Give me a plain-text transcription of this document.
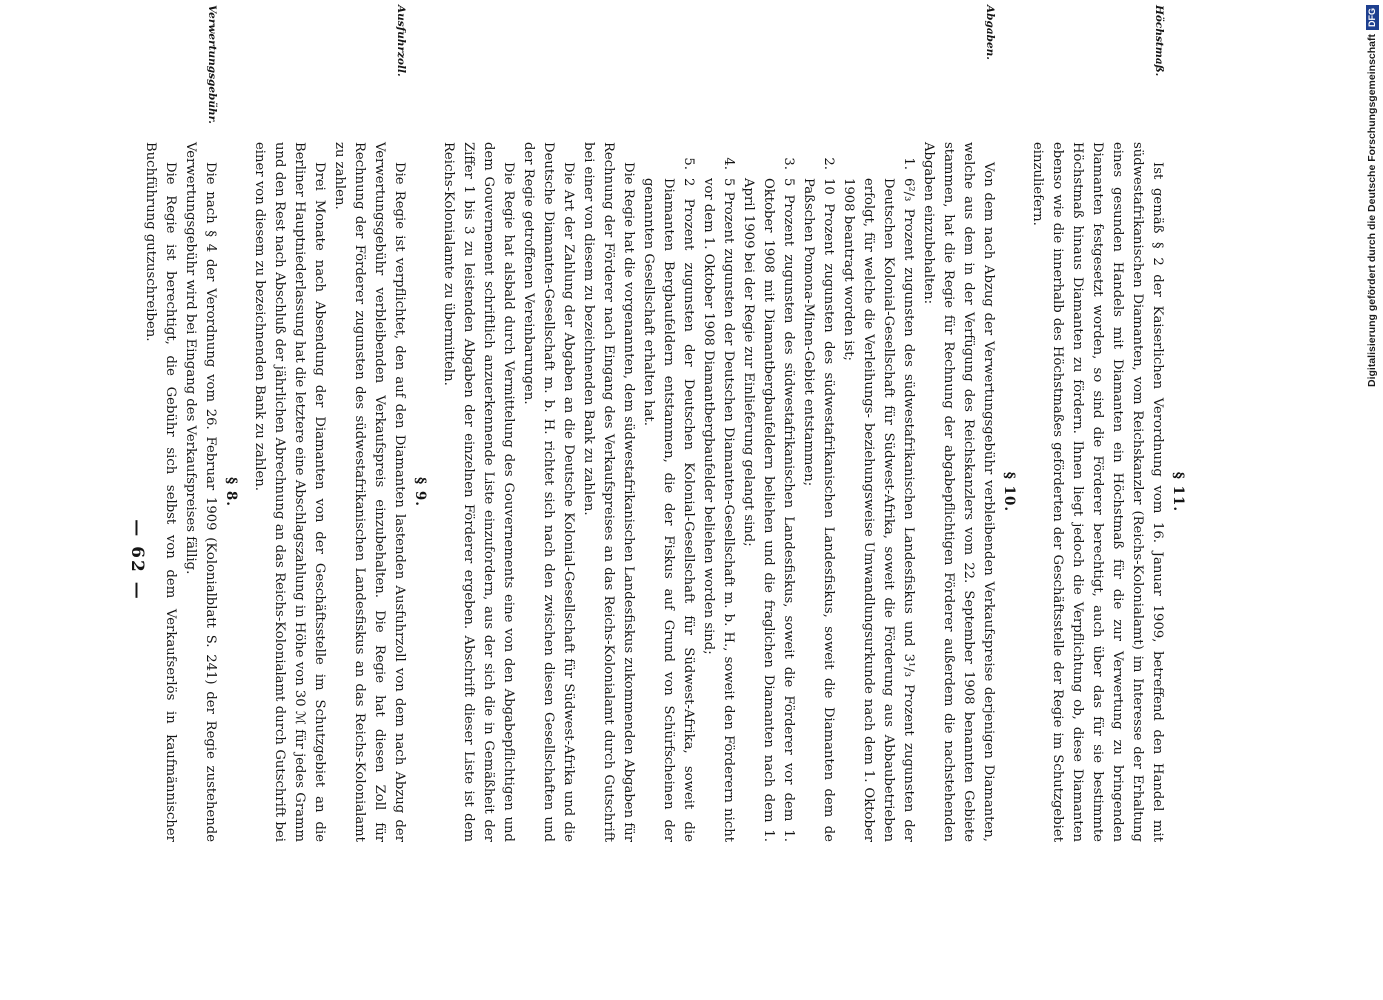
Digitalisierung gefördert durch die Deutsche Forschungsgemeinschaft
DFG
— 62 —
Verwertungsgebühr.
§ 8.

Die nach § 4 der Verordnung vom 26. Februar 1909 (Kolonialblatt S. 241) der Regie zustehende Verwertungsgebühr wird bei Eingang des Verkaufspreises fällig.

Die Regie ist berechtigt, die Gebühr sich selbst von dem Verkaufserlös in kaufmännischer Buchführung gutzuschreiben.

Ausfuhrzoll.
§ 9.

Die Regie ist verpflichtet, den auf den Diamanten lastenden Ausfuhrzoll von dem nach Abzug der Verwertungsgebühr verbleibenden Verkaufspreis einzubehalten. Die Regie hat diesen Zoll für Rechnung der Förderer zugunsten des südwestafrikanischen Landesfiskus an das Reichs-Kolonialamt zu zahlen.

Drei Monate nach Absendung der Diamanten von der Geschäftsstelle im Schutzgebiet an die Berliner Hauptniederlassung hat die letztere eine Abschlagszahlung in Höhe von 30 ℳ für jedes Gramm und den Rest nach Abschluß der jährlichen Abrechnung an das Reichs-Kolonialamt durch Gutschrift bei einer von diesem zu bezeichnenden Bank zu zahlen.

Abgaben.
§ 10.

Von dem nach Abzug der Verwertungsgebühr verbleibenden Verkaufspreise derjenigen Diamanten, welche aus dem in der Verfügung des Reichskanzlers vom 22. September 1908 benannten Gebiete stammen, hat die Regie für Rechnung der abgabepflichtigen Förderer außerdem die nachstehenden Abgaben einzubehalten:

1.
6²/₃ Prozent zugunsten des südwestafrikanischen Landesfiskus und 3¹/₃ Prozent zugunsten der Deutschen Kolonial-Gesellschaft für Südwest-Afrika, soweit die Förderung aus Abbaubetrieben erfolgt, für welche die Verleihungs- beziehungsweise Umwandlungsurkunde nach dem 1. Oktober 1908 beantragt worden ist;
2.
10 Prozent zugunsten des südwestafrikanischen Landesfiskus, soweit die Diamanten dem de Paßschen Pomona-Minen-Gebiet entstammen;
3.
5 Prozent zugunsten des südwestafrikanischen Landesfiskus, soweit die Förderer vor dem 1. Oktober 1908 mit Diamantbergbaufeldern beliehen und die fraglichen Diamanten nach dem 1. April 1909 bei der Regie zur Einlieferung gelangt sind;
4.
5 Prozent zugunsten der Deutschen Diamanten-Gesellschaft m. b. H., soweit den Förderern nicht vor dem 1. Oktober 1908 Diamantbergbaufelder beliehen worden sind;
5.
2 Prozent zugunsten der Deutschen Kolonial-Gesellschaft für Südwest-Afrika, soweit die Diamanten Bergbaufeldern entstammen, die der Fiskus auf Grund von Schürfscheinen der genannten Gesellschaft erhalten hat.

Die Regie hat die vorgenannten, dem südwestafrikanischen Landesfiskus zukommenden Abgaben für Rechnung der Förderer nach Eingang des Verkaufspreises an das Reichs-Kolonialamt durch Gutschrift bei einer von diesem zu bezeichnenden Bank zu zahlen.

Die Art der Zahlung der Abgaben an die Deutsche Kolonial-Gesellschaft für Südwest-Afrika und die Deutsche Diamanten-Gesellschaft m. b. H. richtet sich nach den zwischen diesen Gesellschaften und der Regie getroffenen Vereinbarungen.

Die Regie hat alsbald durch Vermittelung des Gouvernements eine von den Abgabepflichtigen und dem Gouvernement schriftlich anzuerkennende Liste einzufordern, aus der sich die in Gemäßheit der Ziffer 1 bis 3 zu leistenden Abgaben der einzelnen Förderer ergeben. Abschrift dieser Liste ist dem Reichs-Kolonialamte zu übermitteln.

Höchstmaß.
§ 11.

Ist gemäß § 2 der Kaiserlichen Verordnung vom 16. Januar 1909, betreffend den Handel mit südwestafrikanischen Diamanten, vom Reichskanzler (Reichs-Kolonialamt) im Interesse der Erhaltung eines gesunden Handels mit Diamanten ein Höchstmaß für die zur Verwertung zu bringenden Diamanten festgesetzt worden, so sind die Förderer berechtigt, auch über das für sie bestimmte Höchstmaß hinaus Diamanten zu fördern. Ihnen liegt jedoch die Verpflichtung ob, diese Diamanten ebenso wie die innerhalb des Höchstmaßes geförderten der Geschäftsstelle der Regie im Schutzgebiet einzuliefern.
